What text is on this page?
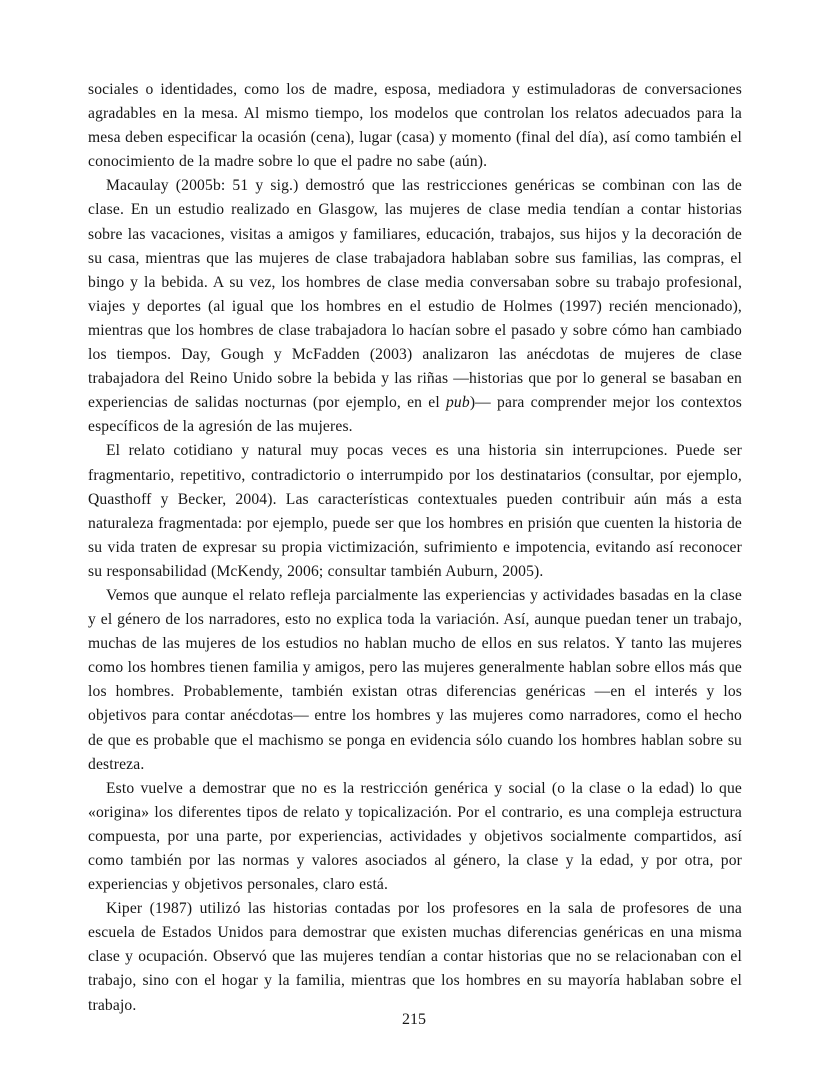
sociales o identidades, como los de madre, esposa, mediadora y estimuladoras de conversaciones agradables en la mesa. Al mismo tiempo, los modelos que controlan los relatos adecuados para la mesa deben especificar la ocasión (cena), lugar (casa) y momento (final del día), así como también el conocimiento de la madre sobre lo que el padre no sabe (aún).

Macaulay (2005b: 51 y sig.) demostró que las restricciones genéricas se combinan con las de clase. En un estudio realizado en Glasgow, las mujeres de clase media tendían a contar historias sobre las vacaciones, visitas a amigos y familiares, educación, trabajos, sus hijos y la decoración de su casa, mientras que las mujeres de clase trabajadora hablaban sobre sus familias, las compras, el bingo y la bebida. A su vez, los hombres de clase media conversaban sobre su trabajo profesional, viajes y deportes (al igual que los hombres en el estudio de Holmes (1997) recién mencionado), mientras que los hombres de clase trabajadora lo hacían sobre el pasado y sobre cómo han cambiado los tiempos. Day, Gough y McFadden (2003) analizaron las anécdotas de mujeres de clase trabajadora del Reino Unido sobre la bebida y las riñas —historias que por lo general se basaban en experiencias de salidas nocturnas (por ejemplo, en el pub)— para comprender mejor los contextos específicos de la agresión de las mujeres.

El relato cotidiano y natural muy pocas veces es una historia sin interrupciones. Puede ser fragmentario, repetitivo, contradictorio o interrumpido por los destinatarios (consultar, por ejemplo, Quasthoff y Becker, 2004). Las características contextuales pueden contribuir aún más a esta naturaleza fragmentada: por ejemplo, puede ser que los hombres en prisión que cuenten la historia de su vida traten de expresar su propia victimización, sufrimiento e impotencia, evitando así reconocer su responsabilidad (McKendy, 2006; consultar también Auburn, 2005).

Vemos que aunque el relato refleja parcialmente las experiencias y actividades basadas en la clase y el género de los narradores, esto no explica toda la variación. Así, aunque puedan tener un trabajo, muchas de las mujeres de los estudios no hablan mucho de ellos en sus relatos. Y tanto las mujeres como los hombres tienen familia y amigos, pero las mujeres generalmente hablan sobre ellos más que los hombres. Probablemente, también existan otras diferencias genéricas —en el interés y los objetivos para contar anécdotas— entre los hombres y las mujeres como narradores, como el hecho de que es probable que el machismo se ponga en evidencia sólo cuando los hombres hablan sobre su destreza.

Esto vuelve a demostrar que no es la restricción genérica y social (o la clase o la edad) lo que «origina» los diferentes tipos de relato y topicalización. Por el contrario, es una compleja estructura compuesta, por una parte, por experiencias, actividades y objetivos socialmente compartidos, así como también por las normas y valores asociados al género, la clase y la edad, y por otra, por experiencias y objetivos personales, claro está.

Kiper (1987) utilizó las historias contadas por los profesores en la sala de profesores de una escuela de Estados Unidos para demostrar que existen muchas diferencias genéricas en una misma clase y ocupación. Observó que las mujeres tendían a contar historias que no se relacionaban con el trabajo, sino con el hogar y la familia, mientras que los hombres en su mayoría hablaban sobre el trabajo.

215
